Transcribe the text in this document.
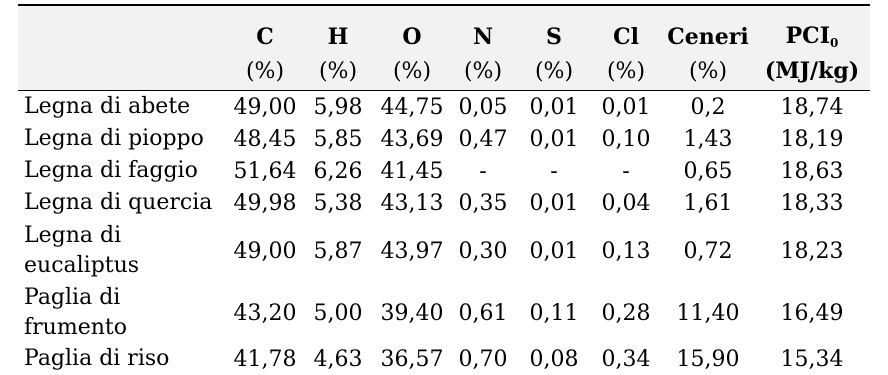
	C	H	O	N	S	Cl	Ceneri	$PCI_0$
	(%)	(%)	(%)	(%)	(%)	(%)	(%)	(MJ/kg)
Legna di abete	49,00	5,98	44,75	0,05	0,01	0,01	0,2	18,74
Legna di pioppo	48,45	5,85	43,69	0,47	0,01	0,10	1,43	18,19
Legna di faggio	51,64	6,26	41,45	-	-	-	0,65	18,63
Legna di quercia	49,98	5,38	43,13	0,35	0,01	0,04	1,61	18,33
Legna di eucaliptus	49,00	5,87	43,97	0,30	0,01	0,13	0,72	18,23
Paglia di frumento	43,20	5,00	39,40	0,61	0,11	0,28	11,40	16,49
Paglia di riso	41,78	4,63	36,57	0,70	0,08	0,34	15,90	15,34
